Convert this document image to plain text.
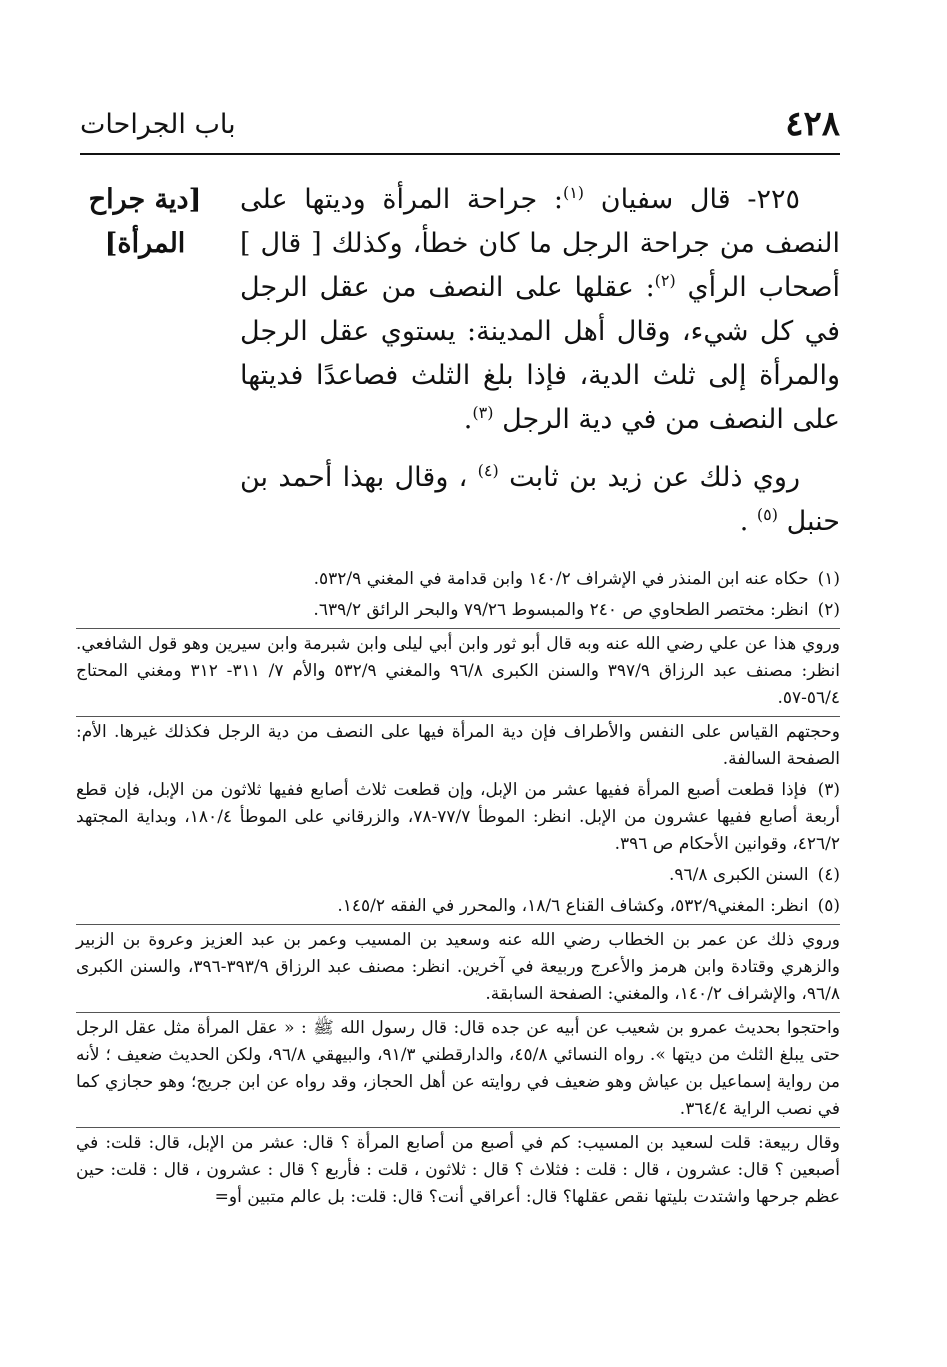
٤٢٨
باب الجراحات
[دية جراح
المرأة]

٢٢٥- قال سفيان $^{(١)}$: جراحة المرأة وديتها على النصف من جراحة الرجل ما كان خطأ، وكذلك [ قال ] أصحاب الرأي $^{(٢)}$: عقلها على النصف من عقل الرجل في كل شيء، وقال أهل المدينة: يستوي عقل الرجل والمرأة إلى ثلث الدية، فإذا بلغ الثلث فصاعدًا فديتها على النصف من في دية الرجل $^{(٣)}$.

روي ذلك عن زيد بن ثابت $^{(٤)}$ ، وقال بهذا أحمد بن حنبل $^{(٥)}$ .

(١) حكاه عنه ابن المنذر في الإشراف ١٤٠/٢ وابن قدامة في المغني ٥٣٢/٩.
(٢) انظر: مختصر الطحاوي ص ٢٤٠ والمبسوط ٧٩/٢٦ والبحر الرائق ٦٣٩/٢.
وروي هذا عن علي رضي الله عنه وبه قال أبو ثور وابن أبي ليلى وابن شبرمة وابن سيرين وهو قول الشافعي. انظر: مصنف عبد الرزاق ٣٩٧/٩ والسنن الكبرى ٩٦/٨ والمغني ٥٣٢/٩ والأم ٧/ ٣١١- ٣١٢ ومغني المحتاج ٥٦/٤-٥٧.
وحجتهم القياس على النفس والأطراف فإن دية المرأة فيها على النصف من دية الرجل فكذلك غيرها. الأم: الصفحة السالفة.
(٣) فإذا قطعت أصبع المرأة ففيها عشر من الإبل، وإن قطعت ثلاث أصابع ففيها ثلاثون من الإبل، فإن قطع أربعة أصابع ففيها عشرون من الإبل. انظر: الموطأ ٧٧/٧-٧٨، والزرقاني على الموطأ ١٨٠/٤، وبداية المجتهد ٤٢٦/٢، وقوانين الأحكام ص ٣٩٦.
(٤) السنن الكبرى ٩٦/٨.
(٥) انظر: المغني٥٣٢/٩، وكشاف القناع ١٨/٦، والمحرر في الفقه ١٤٥/٢.
وروي ذلك عن عمر بن الخطاب رضي الله عنه وسعيد بن المسيب وعمر بن عبد العزيز وعروة بن الزبير والزهري وقتادة وابن هرمز والأعرج وربيعة في آخرين. انظر: مصنف عبد الرزاق ٣٩٣/٩-٣٩٦، والسنن الكبرى ٩٦/٨، والإشراف ١٤٠/٢، والمغني: الصفحة السابقة.
واحتجوا بحديث عمرو بن شعيب عن أبيه عن جده قال: قال رسول الله ﷺ : « عقل المرأة مثل عقل الرجل حتى يبلغ الثلث من ديتها ». رواه النسائي ٤٥/٨، والدارقطني ٩١/٣، والبيهقي ٩٦/٨، ولكن الحديث ضعيف ؛ لأنه من رواية إسماعيل بن عياش وهو ضعيف في روايته عن أهل الحجاز، وقد رواه عن ابن جريج؛ وهو حجازي كما في نصب الراية ٣٦٤/٤.
وقال ربيعة: قلت لسعيد بن المسيب: كم في أصبع من أصابع المرأة ؟ قال: عشر من الإبل، قال: قلت: في أصبعين ؟ قال: عشرون ، قال : قلت : فثلاث ؟ قال : ثلاثون ، قلت : فأربع ؟ قال : عشرون ، قال : قلت: حين عظم جرحها واشتدت بليتها نقص عقلها؟ قال: أعراقي أنت؟ قال: قلت: بل عالم متبين أو=
